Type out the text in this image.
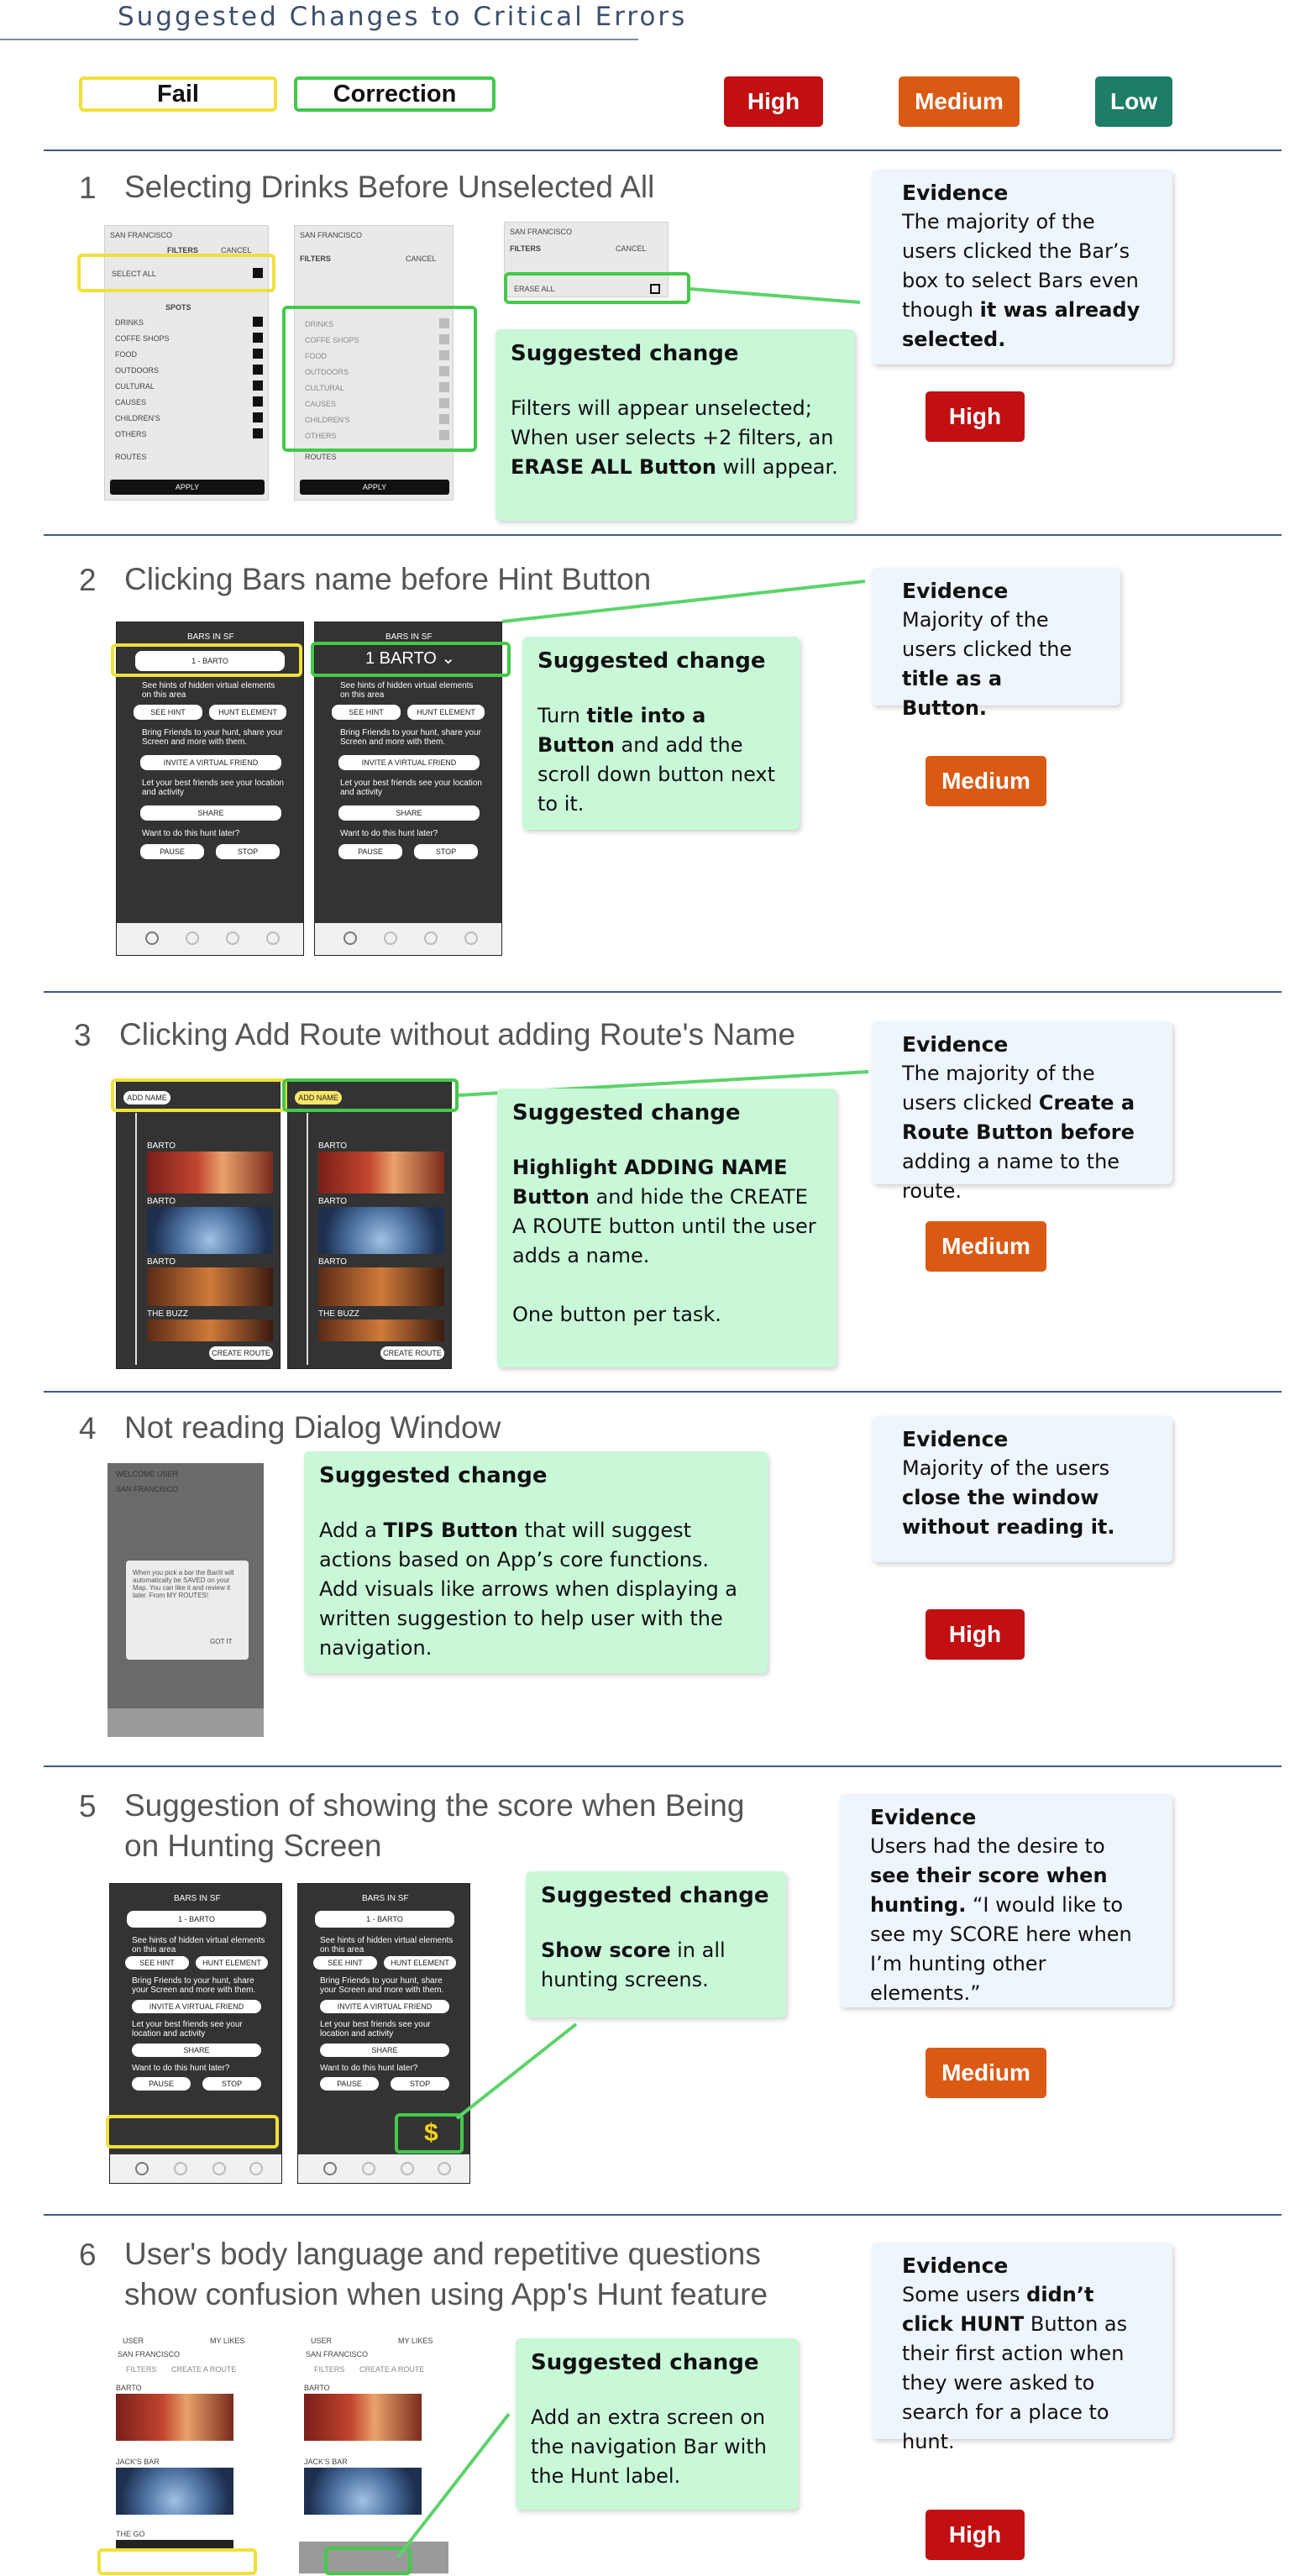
Suggested Changes to Critical Errors
Fail	Correction	High	Medium	Low
1 Selecting Drinks Before Unselected All
SAN FRANCISCO
FILTERS	CANCEL
SELECT ALL
SPOTS
DRINKS
COFFE SHOPS
FOOD
OUTDOORS
CULTURAL
CAUSES
CHILDREN'S
OTHERS
ROUTES
APPLY
SAN FRANCISCO
FILTERS	CANCEL
DRINKS
COFFE SHOPS
FOOD
OUTDOORS
CULTURAL
CAUSES
CHILDREN'S
OTHERS
ROUTES
APPLY
SAN FRANCISCO
FILTERS	CANCEL
ERASE ALL
Suggested change
Filters will appear unselected; When user selects +2 filters, an ERASE ALL Button will appear.
Evidence
The majority of the users clicked the Bar’s box to select Bars even though it was already selected.
High
2 Clicking Bars name before Hint Button
BARS IN SF
1 - BARTO
See hints of hidden virtual elements on this area
SEE HINT	HUNT ELEMENT
Bring Friends to your hunt, share your Screen and more with them.
INVITE A VIRTUAL FRIEND
Let your best friends see your location and activity
SHARE
Want to do this hunt later?
PAUSE	STOP
BARS IN SF
1 BARTO ⌄
See hints of hidden virtual elements on this area
SEE HINT	HUNT ELEMENT
Bring Friends to your hunt, share your Screen and more with them.
INVITE A VIRTUAL FRIEND
Let your best friends see your location and activity
SHARE
Want to do this hunt later?
PAUSE	STOP
Suggested change
Turn title into a Button and add the scroll down button next to it.
Evidence
Majority of the users clicked the title as a Button.
Medium
3 Clicking Add Route without adding Route's Name
ADD NAME
BARTO
BARTO
BARTO
THE BUZZ
CREATE ROUTE
ADD NAME
BARTO
BARTO
BARTO
THE BUZZ
CREATE ROUTE
Suggested change
Highlight ADDING NAME Button and hide the CREATE A ROUTE button until the user adds a name.
One button per task.
Evidence
The majority of the users clicked Create a Route Button before adding a name to the route.
Medium
4 Not reading Dialog Window
WELCOME USER
SAN FRANCISCO
When you pick a bar the Bar/it will automatically be SAVED on your Map. You can like it and review it later. From MY ROUTES!
GOT IT
Suggested change
Add a TIPS Button that will suggest actions based on App’s core functions. Add visuals like arrows when displaying a written suggestion to help user with the navigation.
Evidence
Majority of the users close the window without reading it.
High
5 Suggestion of showing the score when Being
on Hunting Screen
BARS IN SF
1 - BARTO
See hints of hidden virtual elements on this area
SEE HINT	HUNT ELEMENT
Bring Friends to your hunt, share your Screen and more with them.
INVITE A VIRTUAL FRIEND
Let your best friends see your location and activity
SHARE
Want to do this hunt later?
PAUSE	STOP
BARS IN SF
1 - BARTO
See hints of hidden virtual elements on this area
SEE HINT	HUNT ELEMENT
Bring Friends to your hunt, share your Screen and more with them.
INVITE A VIRTUAL FRIEND
Let your best friends see your location and activity
SHARE
Want to do this hunt later?
PAUSE	STOP
$
Suggested change
Show score in all hunting screens.
Evidence
Users had the desire to see their score when hunting. “I would like to see my SCORE here when I’m hunting other elements.”
Medium
6 User's body language and repetitive questions
show confusion when using App's Hunt feature
USER	MY LIKES
SAN FRANCISCO
FILTERS CREATE A ROUTE
BARTO
JACK'S BAR
THE GO
USER	MY LIKES
SAN FRANCISCO
FILTERS CREATE A ROUTE
BARTO
JACK'S BAR
Suggested change
Add an extra screen on the navigation Bar with the Hunt label.
Evidence
Some users didn’t click HUNT Button as their first action when they were asked to search for a place to hunt.
High
